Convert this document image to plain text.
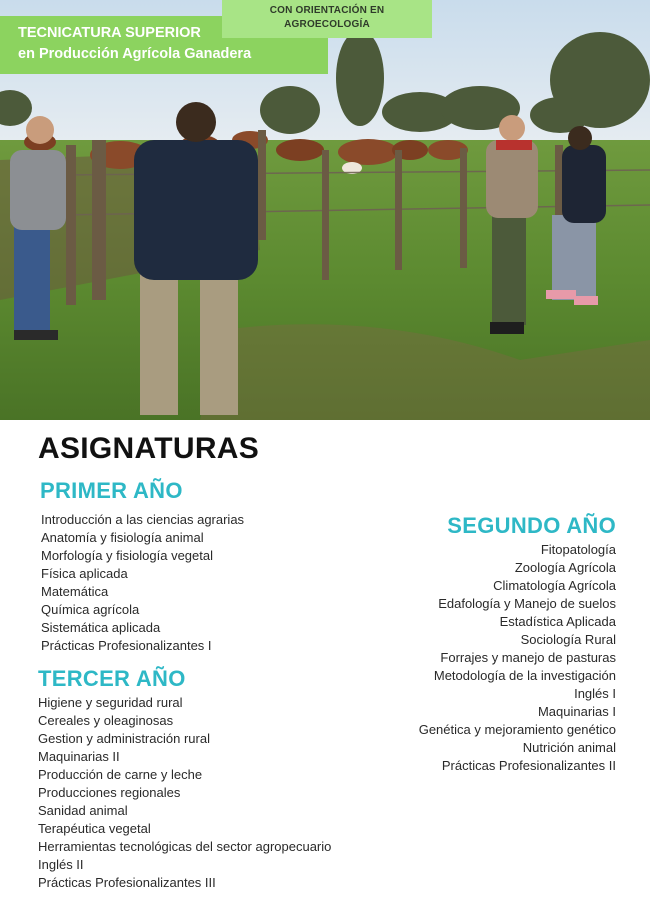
TECNICATURA SUPERIOR
en Producción Agrícola Ganadera
CON ORIENTACIÓN EN
AGROECOLOGÍA
ASIGNATURAS
PRIMER AÑO
Introducción a las ciencias agrarias
Anatomía y fisiología animal
Morfología y fisiología vegetal
Física aplicada
Matemática
Química agrícola
Sistemática aplicada
Prácticas Profesionalizantes I
SEGUNDO AÑO
Fitopatología
Zoología Agrícola
Climatología Agrícola
Edafología y Manejo de suelos
Estadística Aplicada
Sociología Rural
Forrajes y manejo de pasturas
Metodología de la investigación
Inglés I
Maquinarias I
Genética y mejoramiento genético
Nutrición animal
Prácticas Profesionalizantes II
TERCER AÑO
Higiene y seguridad rural
Cereales y oleaginosas
Gestion y administración rural
Maquinarias II
Producción de carne y leche
Producciones regionales
Sanidad animal
Terapéutica vegetal
Herramientas tecnológicas del sector agropecuario
Inglés II
Prácticas Profesionalizantes III
